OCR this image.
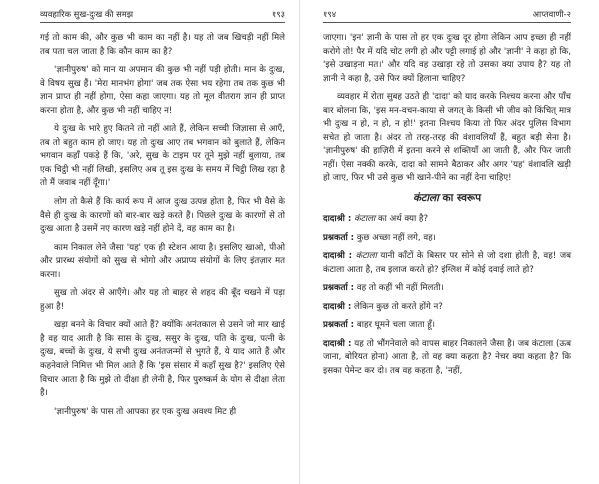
व्यवहारिक सुख-दुःख की समझ	१९३

गई तो काम की, और कुछ भी काम का नहीं है। यह तो जब खिचड़ी नहीं मिले तब पता चल जाता है कि कौन काम का है?

'ज्ञानीपुरुष' को मान या अपमान की कुछ भी नहीं पड़ी होती। मान के दुःख, वे विषय सुख हैं। 'मेरा मानभंग होगा' जब तक ऐसा भय रहेगा तब तक कुछ भी ज्ञान प्राप्त ही नहीं होगा, ऐसा कहा जाएगा। यह तो मूल वीतराग ज्ञान ही प्राप्त करना होता है, और कुछ भी नहीं चाहिए न!

ये दुःख के भारे हुए कितने तो नहीं आते हैं, लेकिन सच्ची जिज्ञासा से आएँ, तब तो बहुत काम हो जाए। यह तो दुःख आए तब भगवान को बुलाते हैं, लेकिन भगवान कहाँ पकड़े हैं कि, 'अरे, सुख के टाइम पर तूने मुझे नहीं बुलाया, तब एक चिट्ठी भी नहीं लिखी, इसलिए अब तू इस दुःख के समय में चिट्ठी लिख रहा है तो मैं जवाब नहीं दूँगा।'

लोग तो कैसे हैं कि कार्य रूप में आज दुःख उत्पन्न होता है, फिर भी वैसे के वैसे ही दुःख के कारणों को बार-बार खड़े करते हैं। पिछले दुःख के कारणों से तो दुःख आता है उसमें नए कारण खड़े नहीं होने दें, वह काम का है।

काम निकाल लेने जैसा 'यह' एक ही स्टेशन आया है। इसलिए खाओ, पीओ और प्रारब्ध संयोगों को सुख से भोगो और अप्राप्य संयोगों के लिए इंतज़ार मत करना।

सुख तो अंदर से आएँगे। और यह तो बाहर से शहद की बूँद चखने में पड़ा हुआ है!

खड़ा बनने के विचार क्यों आते हैं? क्योंकि अनंतकाल से उसने जो मार खाई है वह याद आती है कि सास के दुःख, ससुर के दुःख, पति के दुःख, पत्नी के दुःख, बच्चों के दुःख, ये सभी दुःख अनंतजन्मों से भुगते हैं, ये याद आते हैं और कहनेवाले निमित्त भी मिल आते हैं कि 'इस संसार में कहाँ सुख है?' इसलिए ऐसे विचार आता है कि मुझे तो दीक्षा ही लेनी है, फिर पुरुष्कर्म के योग से दीक्षा लेता है।

'ज्ञानीपुरुष' के पास तो आपका हर एक दुःख अवश्य मिट ही

१९४	आप्तवाणी-२

जाएगा। 'इन' ज्ञानी के पास तो हर एक दुःख दूर होगा लेकिन आप इच्छा ही नहीं करोगे तो! पैर में यदि चोट लगी हो और पट्टी लगाई हो और 'ज्ञानी' ने कहा हो कि, 'इसे उखाड़ना मत।' और यदि वह उखाड़ा रहे तो उसका क्या उपाय है? यह तो ज्ञानी ने कहा है, उसे फिर क्यों हिलाना चाहिए?

व्यवहार में रोता सुबह उठते ही 'दादा' को याद करके निश्चय करना और पाँच बार बोलना कि, 'इस मन-वचन-काया से जगत् के किसी भी जीव को किंचित् मात्र भी दुःख न हो, न हो, न हो!' इतना निश्चय किया तो फिर अंदर पुलिस विभाग सचेत हो जाता है। अंदर तो तरह-तरह की वंशावलियाँ हैं, बहुत बड़ी सेना है। 'ज्ञानीपुरुष' की हाज़िरी में इतना करने से शक्तियाँ आ जाती हैं, और फिर जाती नहीं। ऐसा नक्की करके, दादा को सामने बैठाकर और अगर 'यह' वंशावलि खड़ी हो जाए, फिर भी उसे कुछ भी खाने-पीने का नहीं देना चाहिए!

कंटाला का स्वरूप

दादाश्री : कंटाला का अर्थ क्या है?

प्रश्नकर्ता : कुछ अच्छा नहीं लगे, वह।

दादाश्री : कंटाला यानी काँटों के बिस्तर पर सोने से जो दशा होती है, वह! जब कंटाला आता है, तब इलाज करते हो? इंग्लिश में कोई दवाई लाते हो?

प्रश्नकर्ता : वह तो कहीं भी नहीं मिलती।

दादाश्री : लेकिन कुछ तो करते होंगे न?

प्रश्नकर्ता : बाहर घूमने चला जाता हूँ।

दादाश्री : यह तो भौंगनेवाले को वापस बाहर निकालने जैसा है। जब कंटाला (ऊब जाना, बोरियत होना) आता है, तो वह क्या कहता है? नेचर क्या कहता है? कि इसका पेमेन्ट कर दो। तब वह कहता है, 'नहीं,
